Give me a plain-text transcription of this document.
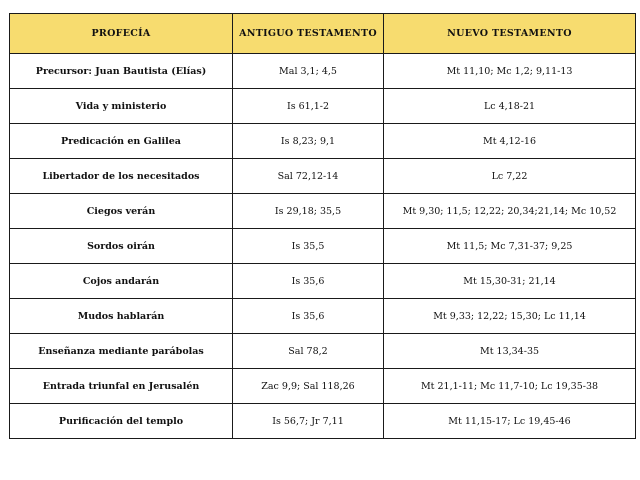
PROFECÍA	ANTIGUO TESTAMENTO	NUEVO TESTAMENTO
Precursor: Juan Bautista (Elías)	Mal 3,1; 4,5	Mt 11,10; Mc 1,2; 9,11-13
Vida y ministerio	Is 61,1-2	Lc 4,18-21
Predicación en Galilea	Is 8,23; 9,1	Mt 4,12-16
Libertador de los necesitados	Sal 72,12-14	Lc 7,22
Ciegos verán	Is 29,18; 35,5	Mt 9,30; 11,5; 12,22; 20,34;21,14; Mc 10,52
Sordos oirán	Is 35,5	Mt 11,5; Mc 7,31-37; 9,25
Cojos andarán	Is 35,6	Mt 15,30-31; 21,14
Mudos hablarán	Is 35,6	Mt 9,33; 12,22; 15,30; Lc 11,14
Enseñanza mediante parábolas	Sal 78,2	Mt 13,34-35
Entrada triunfal en Jerusalén	Zac 9,9; Sal 118,26	Mt 21,1-11; Mc 11,7-10; Lc 19,35-38
Purificación del templo	Is 56,7; Jr 7,11	Mt 11,15-17; Lc 19,45-46
